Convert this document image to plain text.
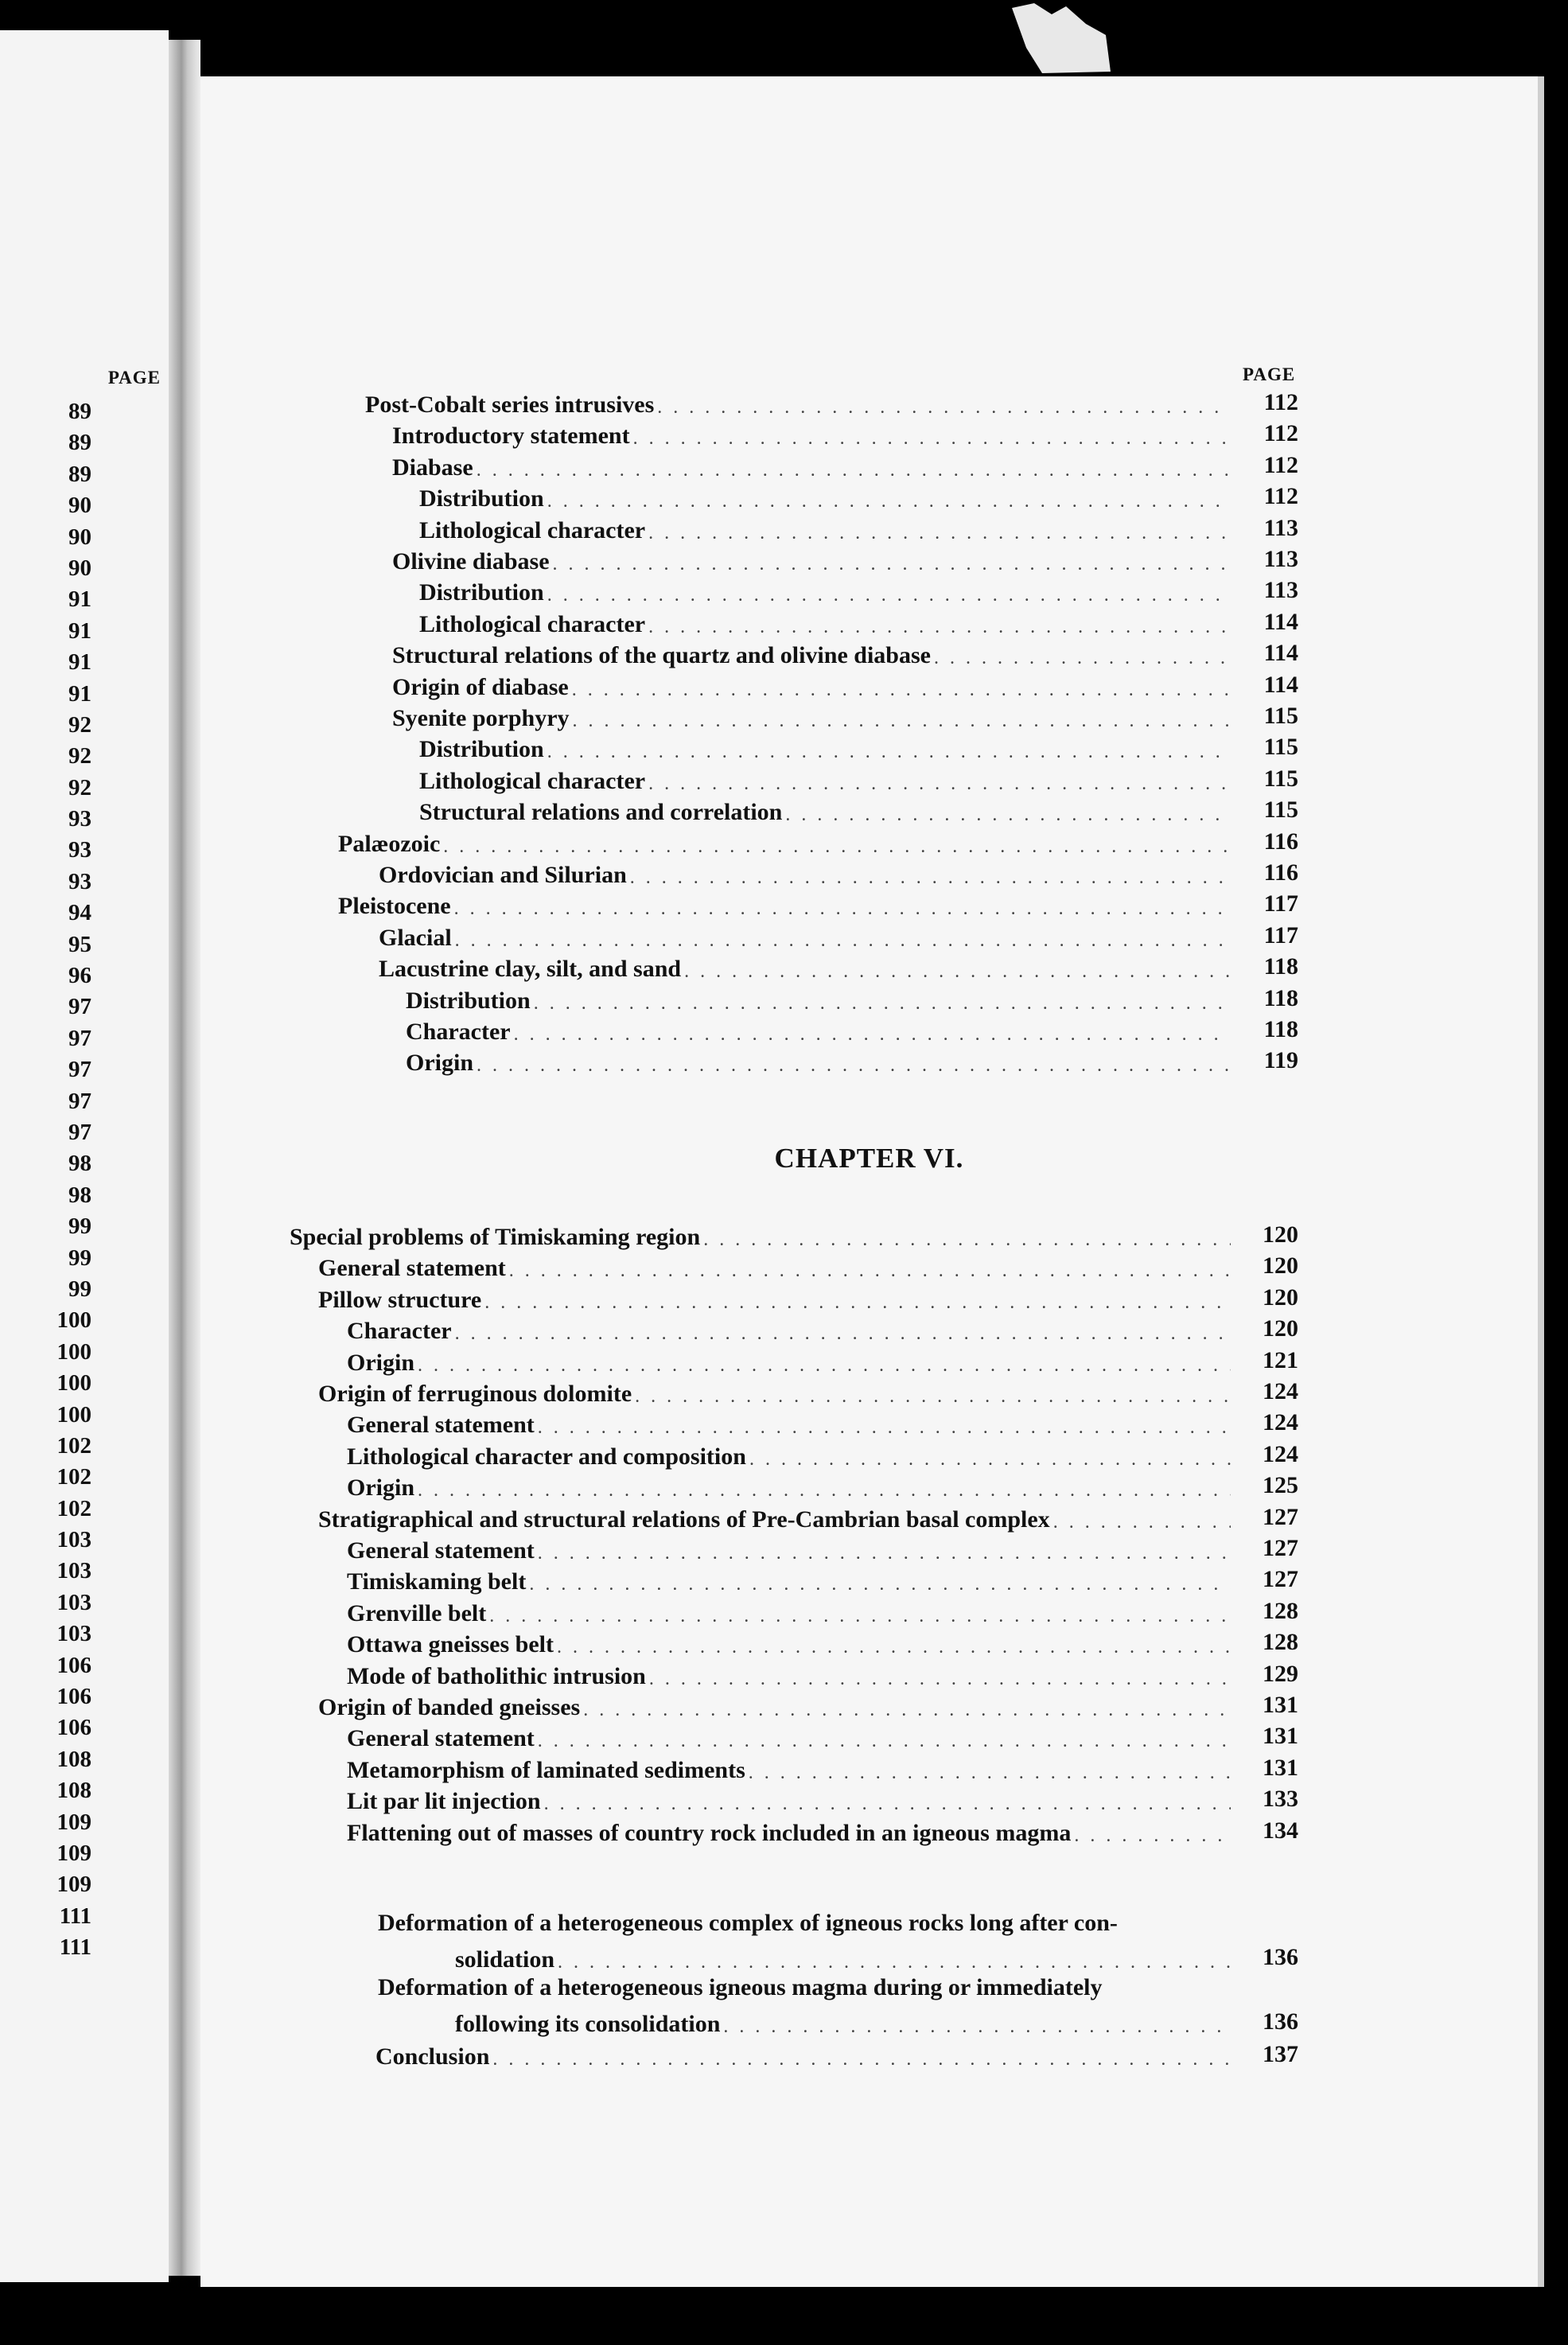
PAGE
89
89
89
90
90
90
91
91
91
91
92
92
92
93
93
93
94
95
96
97
97
97
97
97
98
98
99
99
99
100
100
100
100
102
102
102
103
103
103
103
106
106
106
108
108
109
109
109
111
111
PAGE
Post-Cobalt series intrusives . . .	112
Introductory statement . . .	112
Diabase . . .	112
Distribution . . .	112
Lithological character . . .	113
Olivine diabase . . .	113
Distribution . . .	113
Lithological character . . .	114
Structural relations of the quartz and olivine diabase . . .	114
Origin of diabase . . .	114
Syenite porphyry . . .	115
Distribution . . .	115
Lithological character . . .	115
Structural relations and correlation . . .	115
Palæozoic . . .	116
Ordovician and Silurian . . .	116
Pleistocene . . .	117
Glacial . . .	117
Lacustrine clay, silt, and sand . . .	118
Distribution . . .	118
Character . . .	118
Origin . . .	119
CHAPTER VI.
Special problems of Timiskaming region . . .	120
General statement . . .	120
Pillow structure . . .	120
Character . . .	120
Origin . . .	121
Origin of ferruginous dolomite . . .	124
General statement . . .	124
Lithological character and composition . . .	124
Origin . . .	125
Stratigraphical and structural relations of Pre-Cambrian basal complex . . .	127
General statement . . .	127
Timiskaming belt . . .	127
Grenville belt . . .	128
Ottawa gneisses belt . . .	128
Mode of batholithic intrusion . . .	129
Origin of banded gneisses . . .	131
General statement . . .	131
Metamorphism of laminated sediments . . .	131
Lit par lit injection . . .	133
Flattening out of masses of country rock included in an igneous magma . . .	134
Deformation of a heterogeneous complex of igneous rocks long after con-
solidation . . .	136
Deformation of a heterogeneous igneous magma during or immediately
following its consolidation . . .	136
Conclusion . . .	137
